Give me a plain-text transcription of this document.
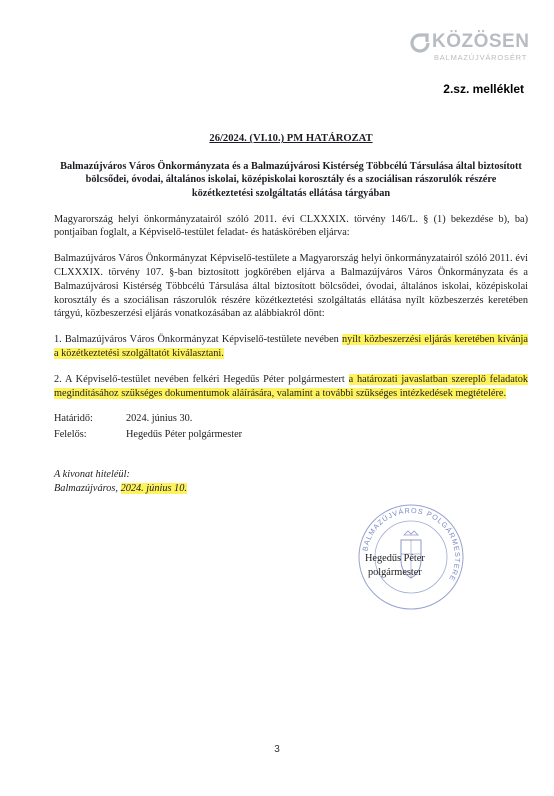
KÖZÖSEN
BALMAZÚJVÁROSÉRT
2.sz. melléklet
26/2024. (VI.10.) PM HATÁROZAT
Balmazújváros Város Önkormányzata és a Balmazújvárosi Kistérség Többcélú Társulása által biztosított bölcsődei, óvodai, általános iskolai, középiskolai korosztály és a szociálisan rászorulók részére közétkeztetési szolgáltatás ellátása tárgyában
Magyarország helyi önkormányzatairól szóló 2011. évi CLXXXIX. törvény 146/L. § (1) bekezdése b), ba) pontjaiban foglalt, a Képviselő-testület feladat- és hatáskörében eljárva:
Balmazújváros Város Önkormányzat Képviselő-testülete a Magyarország helyi önkormányzatairól szóló 2011. évi CLXXXIX. törvény 107. §-ban biztosított jogkörében eljárva a Balmazújváros Város Önkormányzata és a Balmazújvárosi Kistérség Többcélú Társulása által biztosított bölcsődei, óvodai, általános iskolai, középiskolai korosztály és a szociálisan rászorulók részére közétkeztetési szolgáltatás ellátása nyílt közbeszerzés keretében tárgyú, közbeszerzési eljárás vonatkozásában az alábbiakról dönt:
1. Balmazújváros Város Önkormányzat Képviselő-testülete nevében nyílt közbeszerzési eljárás keretében kívánja a közétkeztetési szolgáltatót kiválasztani.
2. A Képviselő-testület nevében felkéri Hegedűs Péter polgármestert a határozati javaslatban szereplő feladatok megindításához szükséges dokumentumok aláírására, valamint a további szükséges intézkedések megtételére.
Határidő:	2024. június 30.
Felelős:	Hegedűs Péter polgármester
A kivonat hiteléül:
Balmazújváros, 2024. június 10.
BALMAZÚJVÁROS POLGÁRMESTERE
Hegedűs Péter
polgármester
3
